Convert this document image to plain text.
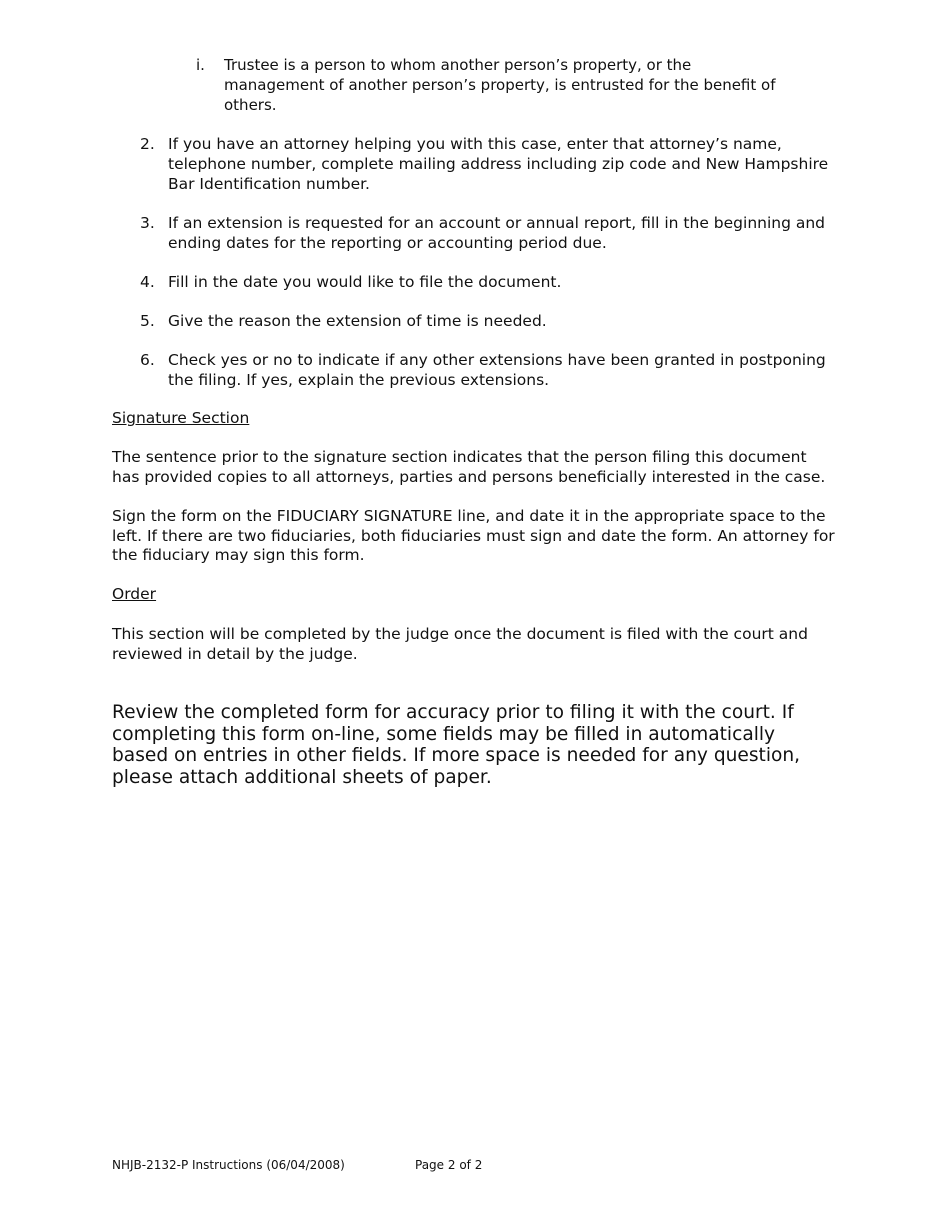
i. Trustee is a person to whom another person’s property, or the management of another person’s property, is entrusted for the benefit of others.
2. If you have an attorney helping you with this case, enter that attorney’s name, telephone number, complete mailing address including zip code and New Hampshire Bar Identification number.
3. If an extension is requested for an account or annual report, fill in the beginning and ending dates for the reporting or accounting period due.
4. Fill in the date you would like to file the document.
5. Give the reason the extension of time is needed.
6. Check yes or no to indicate if any other extensions have been granted in postponing the filing. If yes, explain the previous extensions.
Signature Section
The sentence prior to the signature section indicates that the person filing this document has provided copies to all attorneys, parties and persons beneficially interested in the case.
Sign the form on the FIDUCIARY SIGNATURE line, and date it in the appropriate space to the left. If there are two fiduciaries, both fiduciaries must sign and date the form. An attorney for the fiduciary may sign this form.
Order
This section will be completed by the judge once the document is filed with the court and reviewed in detail by the judge.
Review the completed form for accuracy prior to filing it with the court. If completing this form on-line, some fields may be filled in automatically based on entries in other fields. If more space is needed for any question, please attach additional sheets of paper.
NHJB-2132-P Instructions (06/04/2008)	Page 2 of 2
